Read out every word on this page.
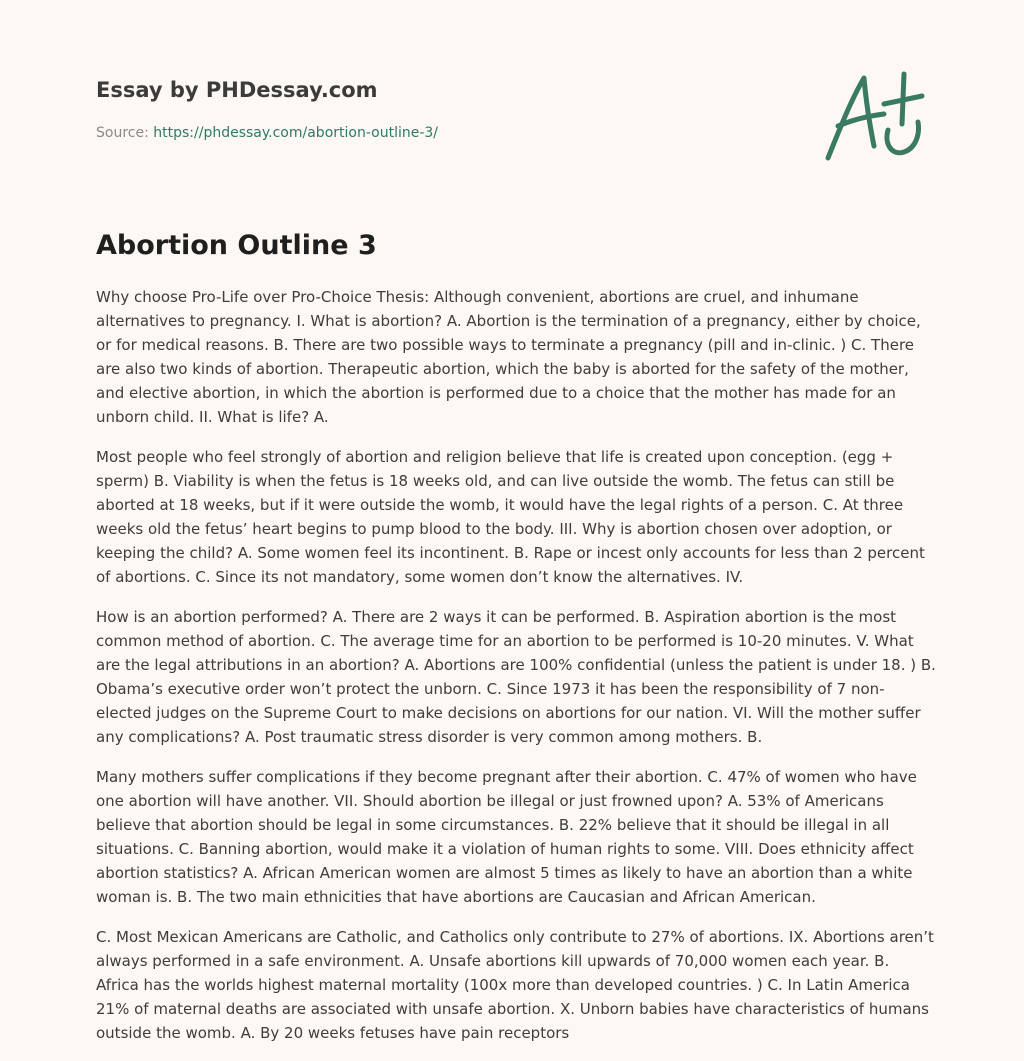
Essay by PHDessay.com
Source: https://phdessay.com/abortion-outline-3/
Abortion Outline 3

Why choose Pro-Life over Pro-Choice Thesis: Although convenient, abortions are cruel, and inhumane alternatives to pregnancy. I. What is abortion? A. Abortion is the termination of a pregnancy, either by choice, or for medical reasons. B. There are two possible ways to terminate a pregnancy (pill and in-clinic. ) C. There are also two kinds of abortion. Therapeutic abortion, which the baby is aborted for the safety of the mother, and elective abortion, in which the abortion is performed due to a choice that the mother has made for an unborn child. II. What is life? A.

Most people who feel strongly of abortion and religion believe that life is created upon conception. (egg + sperm) B. Viability is when the fetus is 18 weeks old, and can live outside the womb. The fetus can still be aborted at 18 weeks, but if it were outside the womb, it would have the legal rights of a person. C. At three weeks old the fetus’ heart begins to pump blood to the body. III. Why is abortion chosen over adoption, or keeping the child? A. Some women feel its incontinent. B. Rape or incest only accounts for less than 2 percent of abortions. C. Since its not mandatory, some women don’t know the alternatives. IV.

How is an abortion performed? A. There are 2 ways it can be performed. B. Aspiration abortion is the most common method of abortion. C. The average time for an abortion to be performed is 10-20 minutes. V. What are the legal attributions in an abortion? A. Abortions are 100% confidential (unless the patient is under 18. ) B. Obama’s executive order won’t protect the unborn. C. Since 1973 it has been the responsibility of 7 non-elected judges on the Supreme Court to make decisions on abortions for our nation. VI. Will the mother suffer any complications? A. Post traumatic stress disorder is very common among mothers. B.

Many mothers suffer complications if they become pregnant after their abortion. C. 47% of women who have one abortion will have another. VII. Should abortion be illegal or just frowned upon? A. 53% of Americans believe that abortion should be legal in some circumstances. B. 22% believe that it should be illegal in all situations. C. Banning abortion, would make it a violation of human rights to some. VIII. Does ethnicity affect abortion statistics? A. African American women are almost 5 times as likely to have an abortion than a white woman is. B. The two main ethnicities that have abortions are Caucasian and African American.

C. Most Mexican Americans are Catholic, and Catholics only contribute to 27% of abortions. IX. Abortions aren’t always performed in a safe environment. A. Unsafe abortions kill upwards of 70,000 women each year. B. Africa has the worlds highest maternal mortality (100x more than developed countries. ) C. In Latin America 21% of maternal deaths are associated with unsafe abortion. X. Unborn babies have characteristics of humans outside the womb. A. By 20 weeks fetuses have pain receptors
